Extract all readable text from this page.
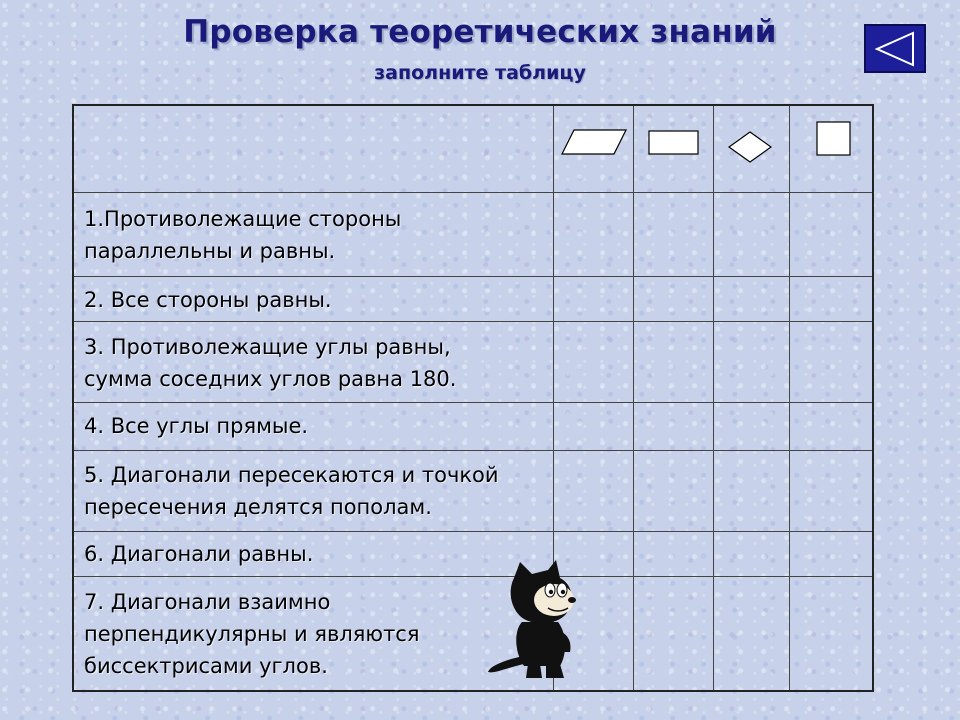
Проверка теоретических знаний
заполните таблицу
1.Противолежащие стороны
параллельны и равны.
2. Все стороны равны.
3. Противолежащие углы равны,
сумма соседних углов равна 180.
4. Все углы прямые.
5. Диагонали пересекаются и точкой
пересечения делятся пополам.
6. Диагонали равны.
7. Диагонали взаимно
перпендикулярны и являются
биссектрисами углов.
